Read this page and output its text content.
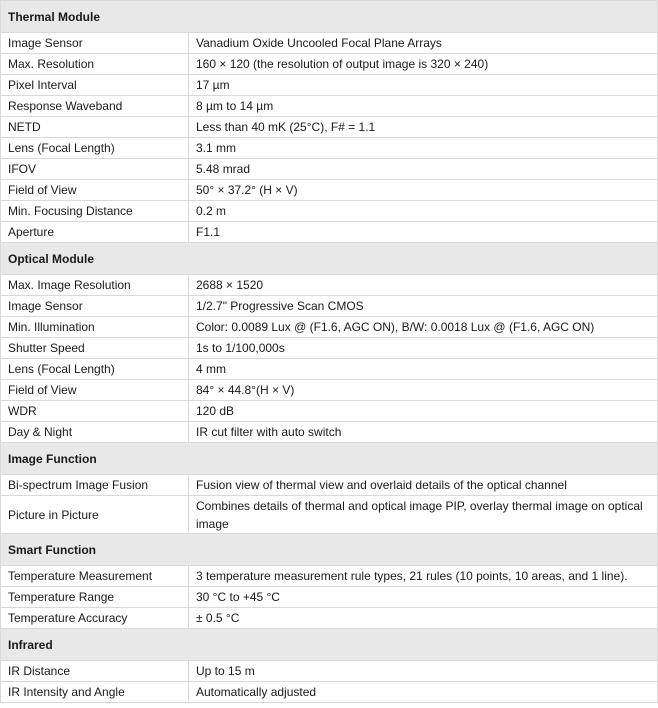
Thermal Module	
Image Sensor	Vanadium Oxide Uncooled Focal Plane Arrays
Max. Resolution	160 × 120 (the resolution of output image is 320 × 240)
Pixel Interval	17 µm
Response Waveband	8 µm to 14 µm
NETD	Less than 40 mK (25°C), F# = 1.1
Lens (Focal Length)	3.1 mm
IFOV	5.48 mrad
Field of View	50° × 37.2° (H × V)
Min. Focusing Distance	0.2 m
Aperture	F1.1
Optical Module	
Max. Image Resolution	2688 × 1520
Image Sensor	1/2.7" Progressive Scan CMOS
Min. Illumination	Color: 0.0089 Lux @ (F1.6, AGC ON), B/W: 0.0018 Lux @ (F1.6, AGC ON)
Shutter Speed	1s to 1/100,000s
Lens (Focal Length)	4 mm
Field of View	84° × 44.8°(H × V)
WDR	120 dB
Day & Night	IR cut filter with auto switch
Image Function	
Bi-spectrum Image Fusion	Fusion view of thermal view and overlaid details of the optical channel
Picture in Picture	Combines details of thermal and optical image PIP, overlay thermal image on optical image
Smart Function	
Temperature Measurement	3 temperature measurement rule types, 21 rules (10 points, 10 areas, and 1 line).
Temperature Range	30 °C to +45 °C
Temperature Accuracy	± 0.5 °C
Infrared	
IR Distance	Up to 15 m
IR Intensity and Angle	Automatically adjusted
